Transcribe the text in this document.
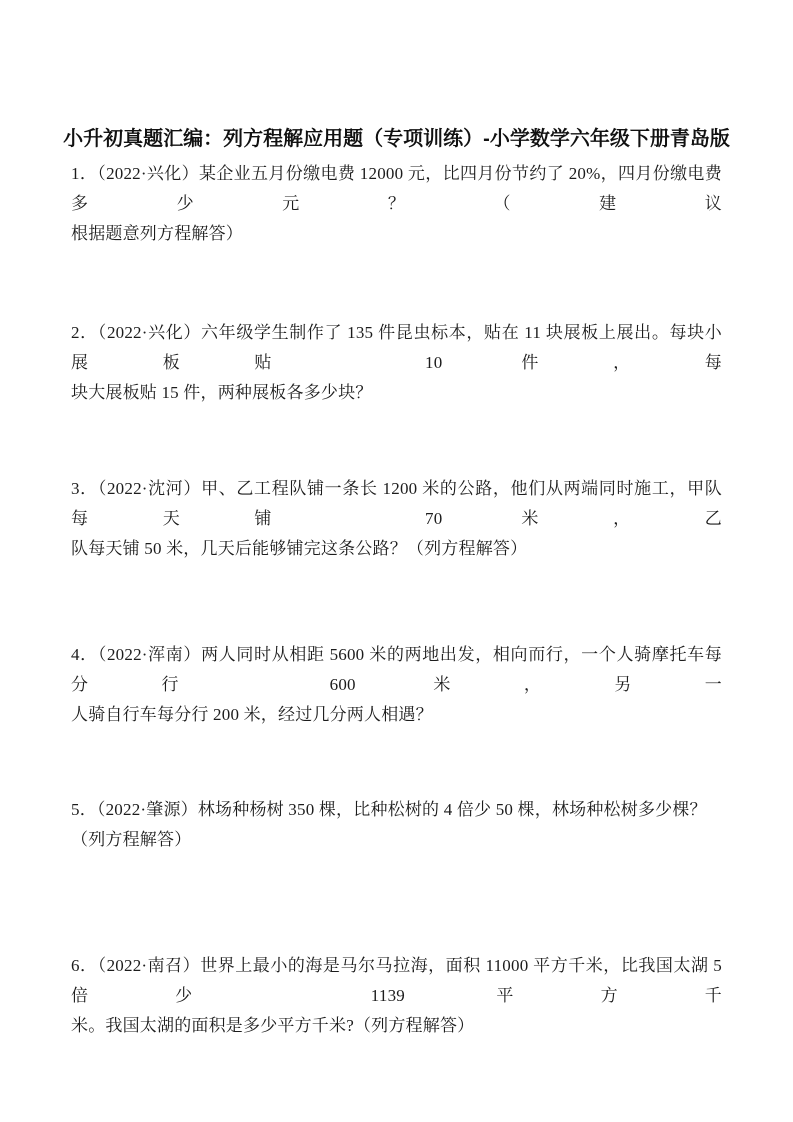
小升初真题汇编：列方程解应用题（专项训练）-小学数学六年级下册青岛版
1．（2022·兴化）某企业五月份缴电费 12000 元，比四月份节约了 20%，四月份缴电费多少元？（建议
根据题意列方程解答）
2．（2022·兴化）六年级学生制作了 135 件昆虫标本，贴在 11 块展板上展出。每块小展板贴 10 件，每
块大展板贴 15 件，两种展板各多少块？
3．（2022·沈河）甲、乙工程队铺一条长 1200 米的公路，他们从两端同时施工，甲队每天铺 70 米，乙
队每天铺 50 米，几天后能够铺完这条公路？（列方程解答）
4．（2022·浑南）两人同时从相距 5600 米的两地出发，相向而行，一个人骑摩托车每分行 600 米，另一
人骑自行车每分行 200 米，经过几分两人相遇？
5．（2022·肇源）林场种杨树 350 棵，比种松树的 4 倍少 50 棵，林场种松树多少棵？（列方程解答）
6．（2022·南召）世界上最小的海是马尔马拉海，面积 11000 平方千米，比我国太湖 5 倍少 1139 平方千
米。我国太湖的面积是多少平方千米?（列方程解答）
